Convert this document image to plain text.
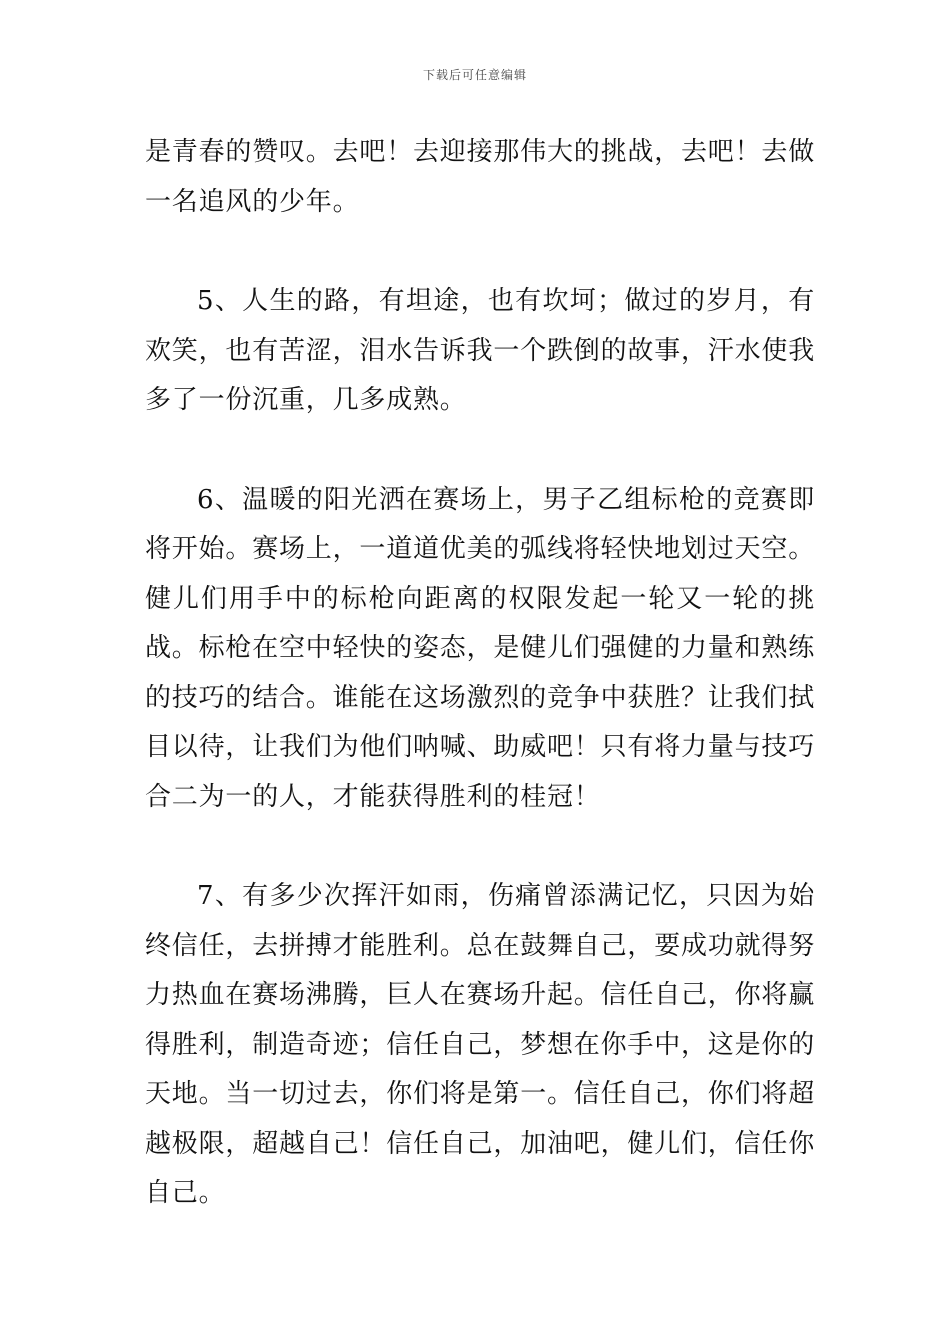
下载后可任意编辑

是青春的赞叹。去吧！去迎接那伟大的挑战，去吧！去做一名追风的少年。

5、人生的路，有坦途，也有坎坷；做过的岁月，有欢笑，也有苦涩，泪水告诉我一个跌倒的故事，汗水使我多了一份沉重，几多成熟。

6、温暖的阳光洒在赛场上，男子乙组标枪的竞赛即将开始。赛场上，一道道优美的弧线将轻快地划过天空。健儿们用手中的标枪向距离的权限发起一轮又一轮的挑战。标枪在空中轻快的姿态，是健儿们强健的力量和熟练的技巧的结合。谁能在这场激烈的竞争中获胜？让我们拭目以待，让我们为他们呐喊、助威吧！只有将力量与技巧合二为一的人，才能获得胜利的桂冠！

7、有多少次挥汗如雨，伤痛曾添满记忆，只因为始终信任，去拼搏才能胜利。总在鼓舞自己，要成功就得努力热血在赛场沸腾，巨人在赛场升起。信任自己，你将赢得胜利，制造奇迹；信任自己，梦想在你手中，这是你的天地。当一切过去，你们将是第一。信任自己，你们将超越极限，超越自己！信任自己，加油吧，健儿们，信任你自己。
